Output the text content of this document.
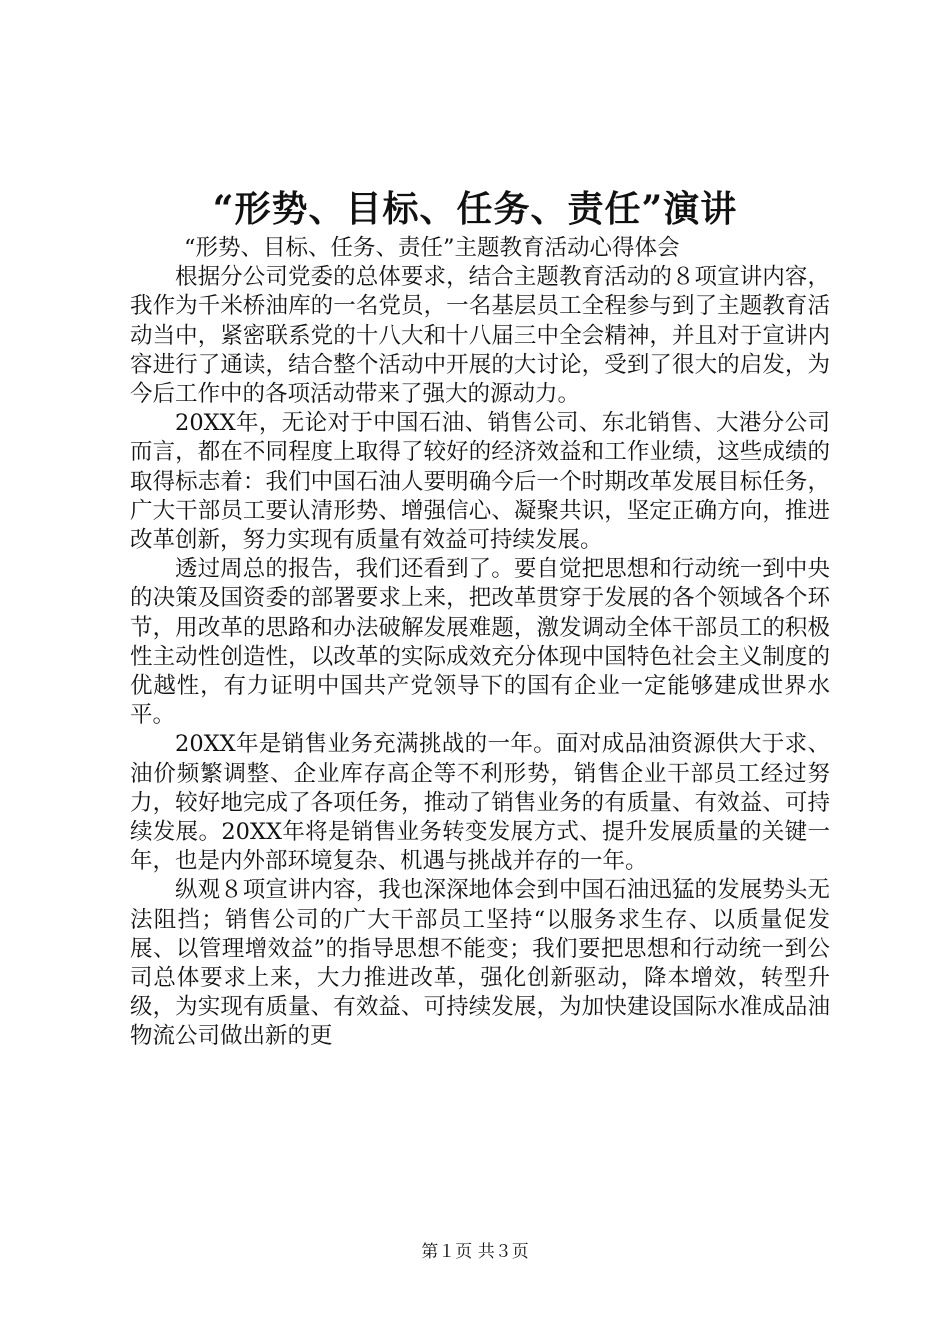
“形势、目标、任务、责任”演讲

“形势、目标、任务、责任”主题教育活动心得体会

根据分公司党委的总体要求，结合主题教育活动的８项宣讲内容，我作为千米桥油库的一名党员，一名基层员工全程参与到了主题教育活动当中，紧密联系党的十八大和十八届三中全会精神，并且对于宣讲内容进行了通读，结合整个活动中开展的大讨论，受到了很大的启发，为今后工作中的各项活动带来了强大的源动力。

20XX年，无论对于中国石油、销售公司、东北销售、大港分公司而言，都在不同程度上取得了较好的经济效益和工作业绩，这些成绩的取得标志着：我们中国石油人要明确今后一个时期改革发展目标任务，广大干部员工要认清形势、增强信心、凝聚共识，坚定正确方向，推进改革创新，努力实现有质量有效益可持续发展。

透过周总的报告，我们还看到了。要自觉把思想和行动统一到中央的决策及国资委的部署要求上来，把改革贯穿于发展的各个领域各个环节，用改革的思路和办法破解发展难题，激发调动全体干部员工的积极性主动性创造性，以改革的实际成效充分体现中国特色社会主义制度的优越性，有力证明中国共产党领导下的国有企业一定能够建成世界水平。

20XX年是销售业务充满挑战的一年。面对成品油资源供大于求、油价频繁调整、企业库存高企等不利形势，销售企业干部员工经过努力，较好地完成了各项任务，推动了销售业务的有质量、有效益、可持续发展。20XX年将是销售业务转变发展方式、提升发展质量的关键一年，也是内外部环境复杂、机遇与挑战并存的一年。

纵观８项宣讲内容，我也深深地体会到中国石油迅猛的发展势头无法阻挡；销售公司的广大干部员工坚持“以服务求生存、以质量促发展、以管理增效益”的指导思想不能变；我们要把思想和行动统一到公司总体要求上来，大力推进改革，强化创新驱动，降本增效，转型升级，为实现有质量、有效益、可持续发展，为加快建设国际水准成品油物流公司做出新的更

第１页 共３页
